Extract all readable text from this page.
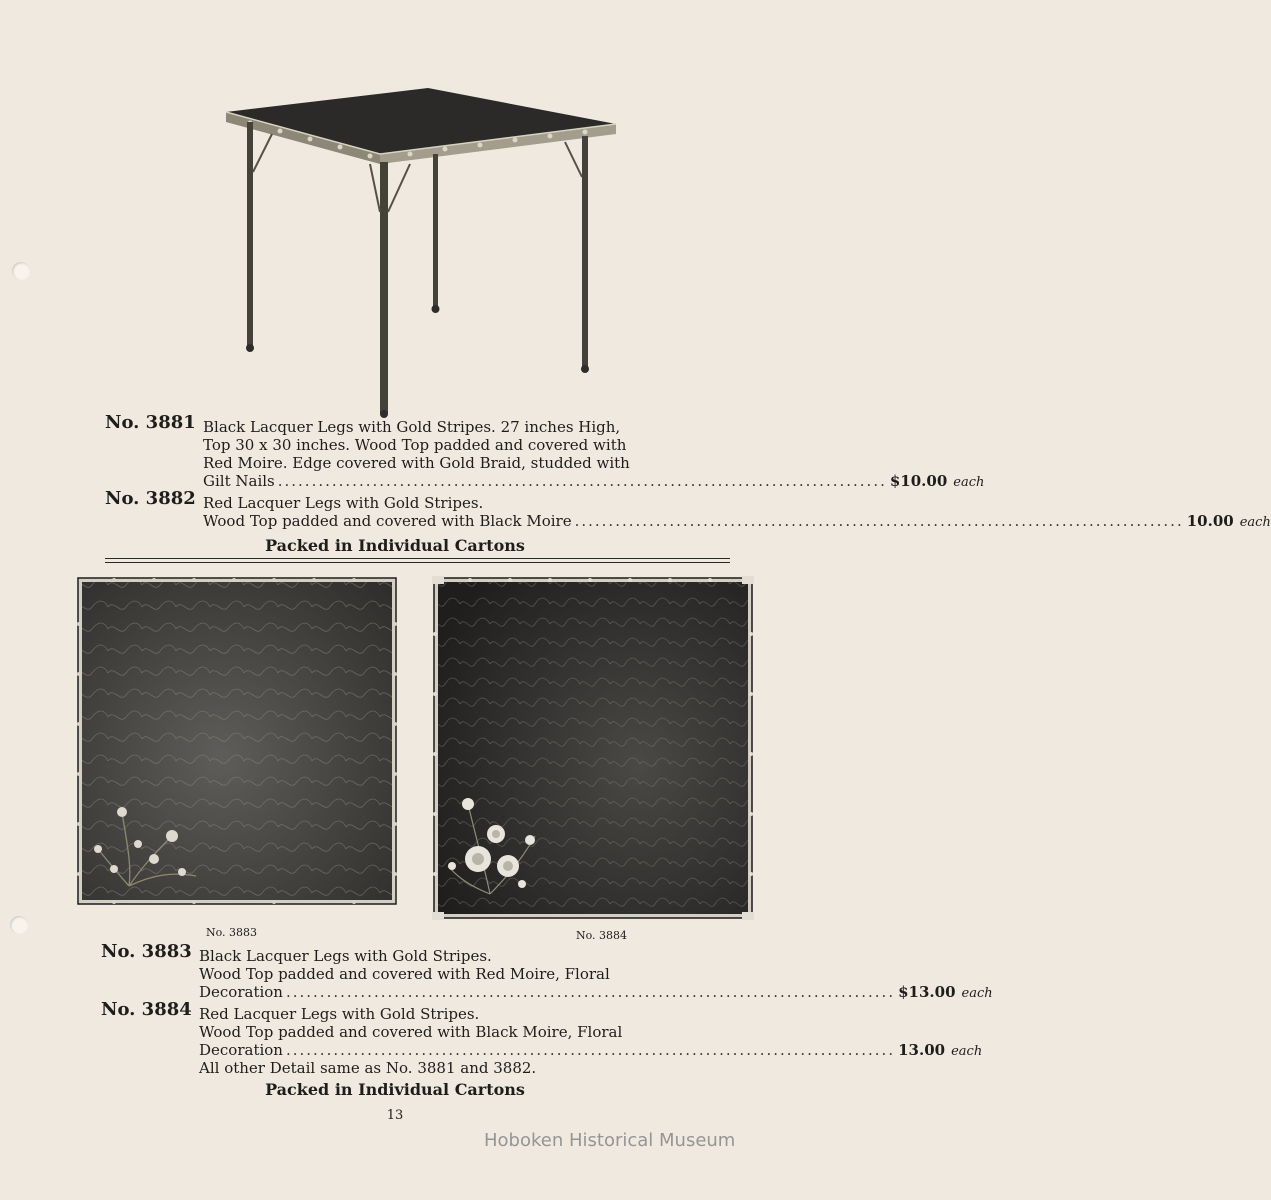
No. 3881 Black Lacquer Legs with Gold Stripes. 27 inches High,
Top 30 x 30 inches. Wood Top padded and covered with
Red Moire. Edge covered with Gold Braid, studded with
Gilt Nails .......................................................................................... $10.00 each
No. 3882 Red Lacquer Legs with Gold Stripes.
Wood Top padded and covered with Black Moire .......................................................................................... 10.00 each
Packed in Individual Cartons
No. 3883	No. 3884
No. 3883 Black Lacquer Legs with Gold Stripes.
Wood Top padded and covered with Red Moire, Floral
Decoration .......................................................................................... $13.00 each
No. 3884 Red Lacquer Legs with Gold Stripes.
Wood Top padded and covered with Black Moire, Floral
Decoration .......................................................................................... 13.00 each
All other Detail same as No. 3881 and 3882.
Packed in Individual Cartons
13
Hoboken Historical Museum
